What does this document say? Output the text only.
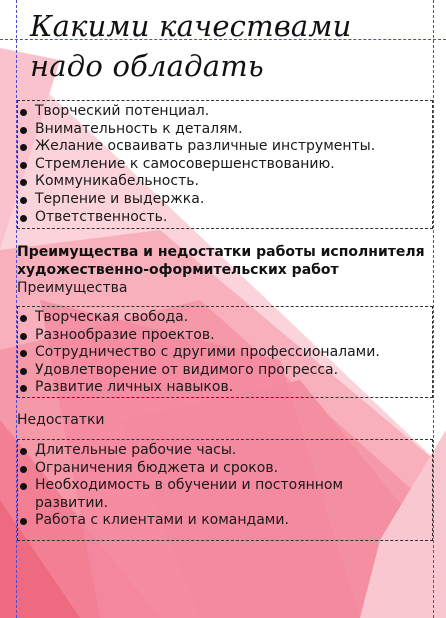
Какими качествами
надо обладать
Творческий потенциал.
Внимательность к деталям.
Желание осваивать различные инструменты.
Стремление к самосовершенствованию.
Коммуникабельность.
Терпение и выдержка.
Ответственность.
Преимущества и недостатки работы исполнителя художественно-оформительских работ
Преимущества
Творческая свобода.
Разнообразие проектов.
Сотрудничество с другими профессионалами.
Удовлетворение от видимого прогресса.
Развитие личных навыков.
Недостатки
Длительные рабочие часы.
Ограничения бюджета и сроков.
Необходимость в обучении и постоянном развитии.
Работа с клиентами и командами.
